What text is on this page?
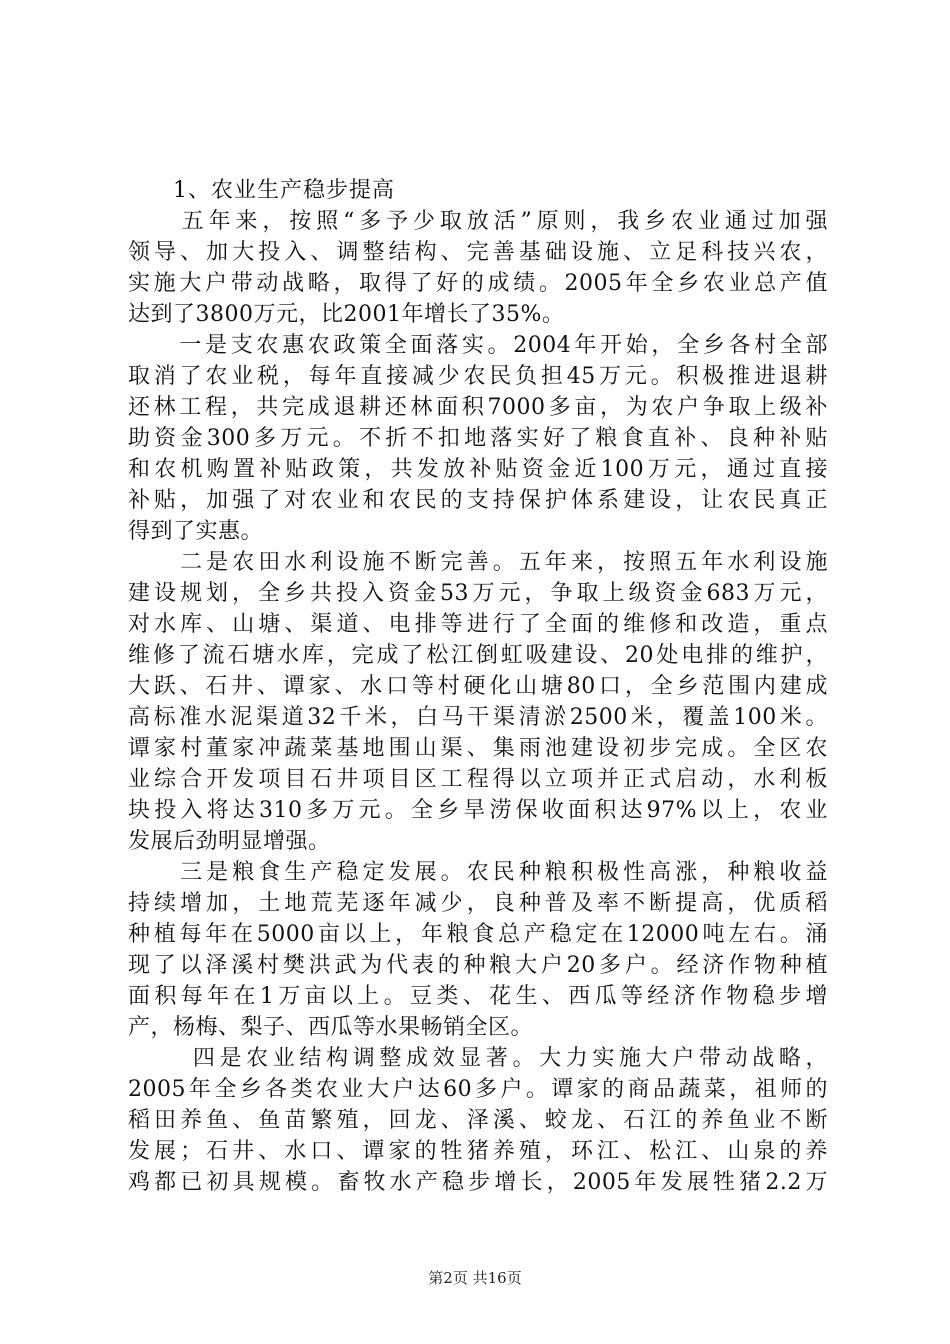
1、农业生产稳步提高
　　五年来，按照“多予少取放活”原则，我乡农业通过加强
领导、加大投入、调整结构、完善基础设施、立足科技兴农，
实施大户带动战略，取得了好的成绩。2005年全乡农业总产值
达到了3800万元，比2001年增长了35%。
　　一是支农惠农政策全面落实。2004年开始，全乡各村全部
取消了农业税，每年直接减少农民负担45万元。积极推进退耕
还林工程，共完成退耕还林面积7000多亩，为农户争取上级补
助资金300多万元。不折不扣地落实好了粮食直补、良种补贴
和农机购置补贴政策，共发放补贴资金近100万元，通过直接
补贴，加强了对农业和农民的支持保护体系建设，让农民真正
得到了实惠。
　　二是农田水利设施不断完善。五年来，按照五年水利设施
建设规划，全乡共投入资金53万元，争取上级资金683万元，
对水库、山塘、渠道、电排等进行了全面的维修和改造，重点
维修了流石塘水库，完成了松江倒虹吸建设、20处电排的维护，
大跃、石井、谭家、水口等村硬化山塘80口，全乡范围内建成
高标准水泥渠道32千米，白马干渠清淤2500米，覆盖100米。
谭家村董家冲蔬菜基地围山渠、集雨池建设初步完成。全区农
业综合开发项目石井项目区工程得以立项并正式启动，水利板
块投入将达310多万元。全乡旱涝保收面积达97%以上，农业
发展后劲明显增强。
　　三是粮食生产稳定发展。农民种粮积极性高涨，种粮收益
持续增加，土地荒芜逐年减少，良种普及率不断提高，优质稻
种植每年在5000亩以上，年粮食总产稳定在12000吨左右。涌
现了以泽溪村樊洪武为代表的种粮大户20多户。经济作物种植
面积每年在1万亩以上。豆类、花生、西瓜等经济作物稳步增
产，杨梅、梨子、西瓜等水果畅销全区。
　　 四是农业结构调整成效显著。大力实施大户带动战略，
2005年全乡各类农业大户达60多户。谭家的商品蔬菜，祖师的
稻田养鱼、鱼苗繁殖，回龙、泽溪、蛟龙、石江的养鱼业不断
发展；石井、水口、谭家的牲猪养殖，环江、松江、山泉的养
鸡都已初具规模。畜牧水产稳步增长，2005年发展牲猪2.2万
第2页 共16页
